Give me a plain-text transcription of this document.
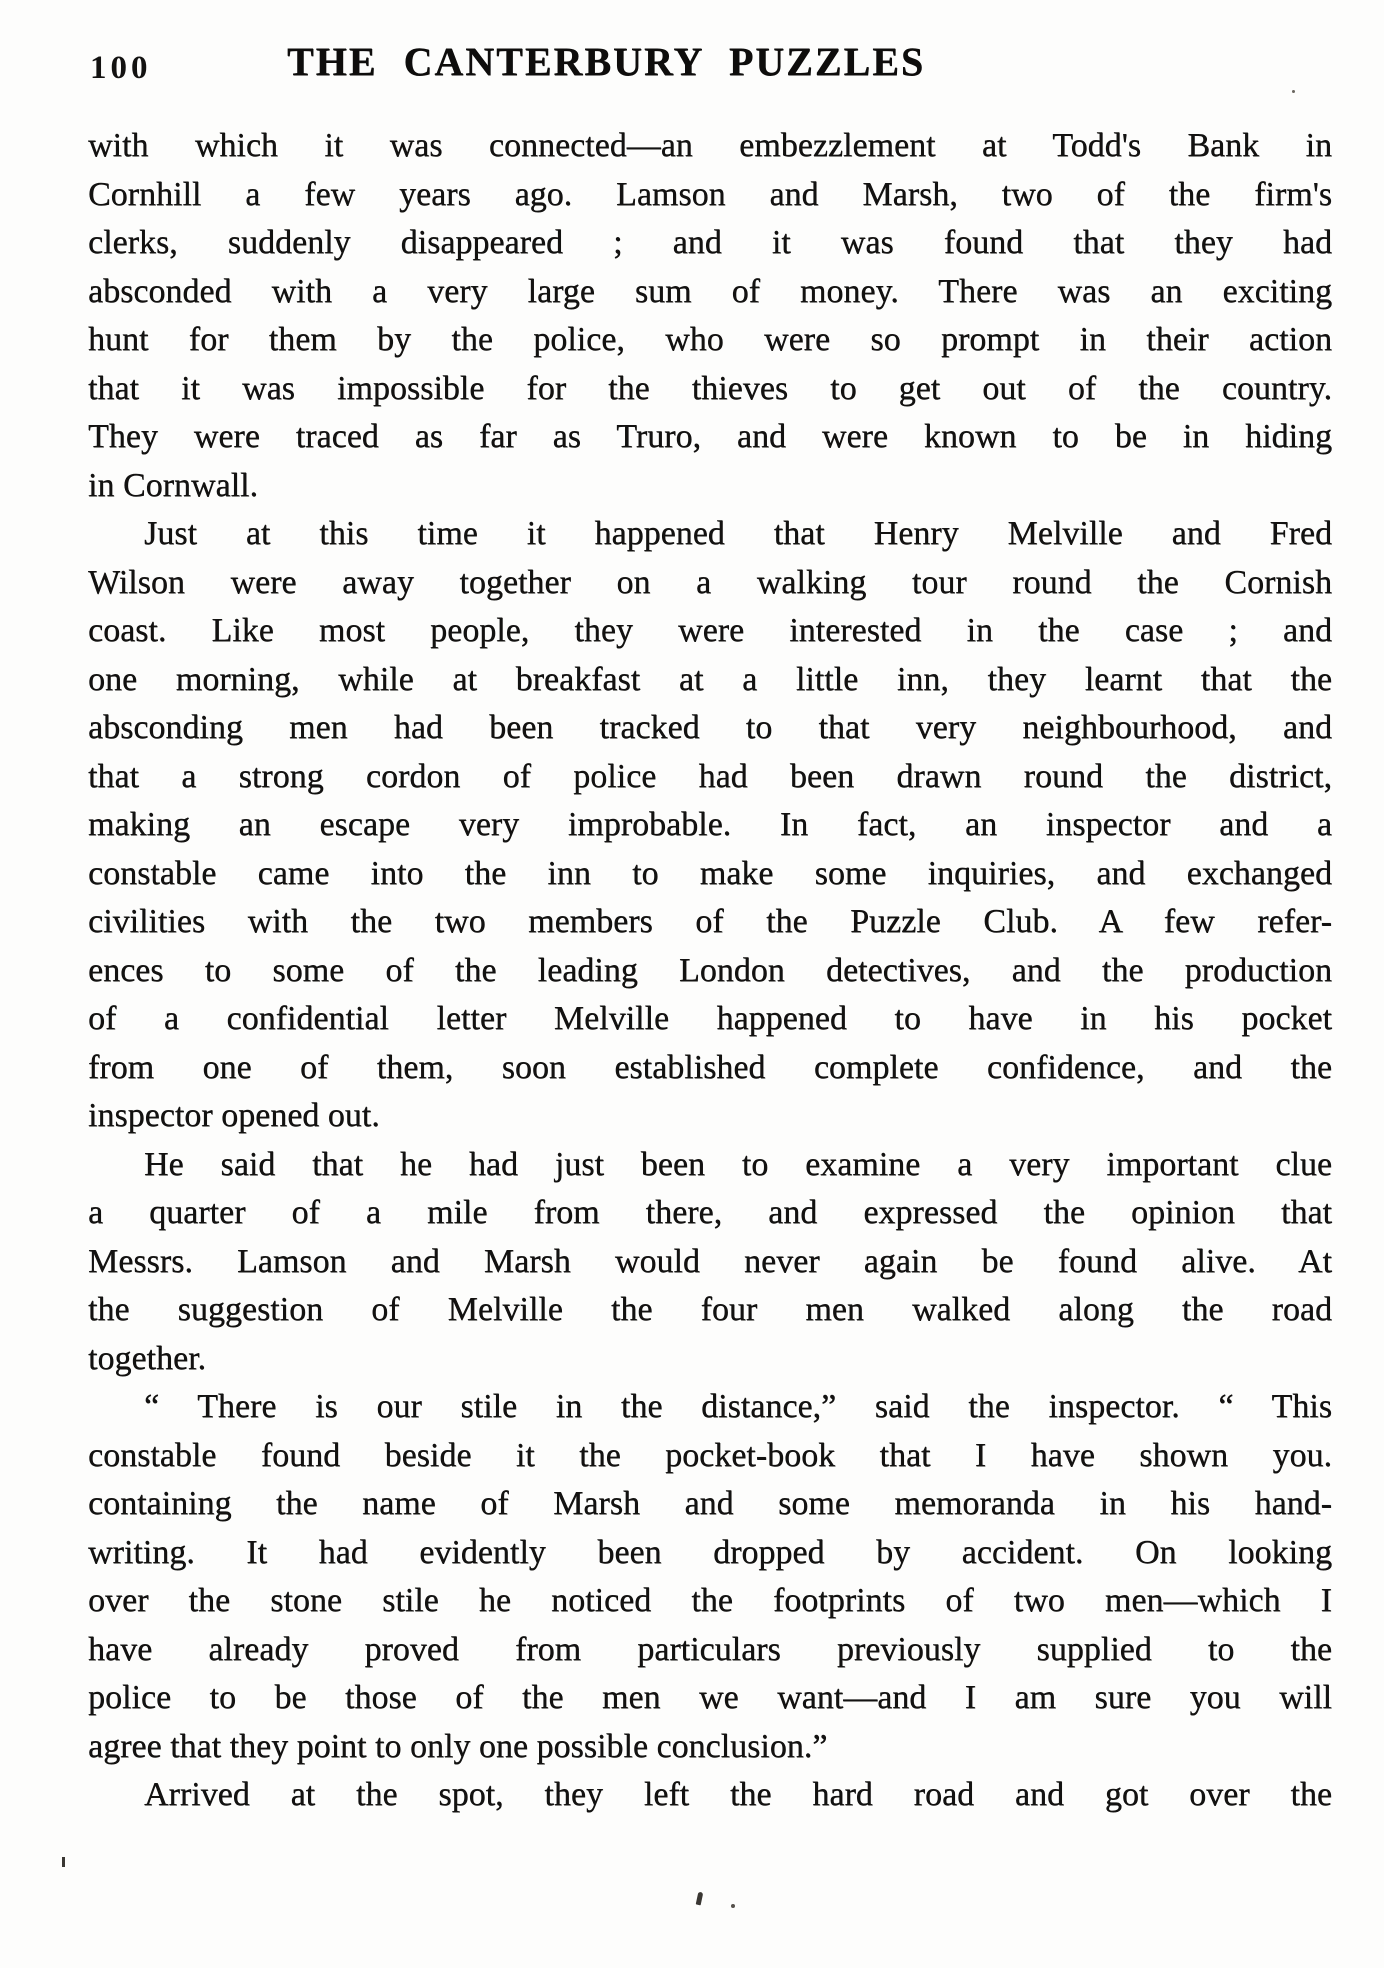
100	THE CANTERBURY PUZZLES
with which it was connected—an embezzlement at Todd's Bank in
Cornhill a few years ago. Lamson and Marsh, two of the firm's
clerks, suddenly disappeared ; and it was found that they had
absconded with a very large sum of money. There was an exciting
hunt for them by the police, who were so prompt in their action
that it was impossible for the thieves to get out of the country.
They were traced as far as Truro, and were known to be in hiding
in Cornwall.
Just at this time it happened that Henry Melville and Fred
Wilson were away together on a walking tour round the Cornish
coast. Like most people, they were interested in the case ; and
one morning, while at breakfast at a little inn, they learnt that the
absconding men had been tracked to that very neighbourhood, and
that a strong cordon of police had been drawn round the district,
making an escape very improbable. In fact, an inspector and a
constable came into the inn to make some inquiries, and exchanged
civilities with the two members of the Puzzle Club. A few refer-
ences to some of the leading London detectives, and the production
of a confidential letter Melville happened to have in his pocket
from one of them, soon established complete confidence, and the
inspector opened out.
He said that he had just been to examine a very important clue
a quarter of a mile from there, and expressed the opinion that
Messrs. Lamson and Marsh would never again be found alive. At
the suggestion of Melville the four men walked along the road
together.
“ There is our stile in the distance,” said the inspector. “ This
constable found beside it the pocket-book that I have shown you.
containing the name of Marsh and some memoranda in his hand-
writing. It had evidently been dropped by accident. On looking
over the stone stile he noticed the footprints of two men—which I
have already proved from particulars previously supplied to the
police to be those of the men we want—and I am sure you will
agree that they point to only one possible conclusion.”
Arrived at the spot, they left the hard road and got over the
